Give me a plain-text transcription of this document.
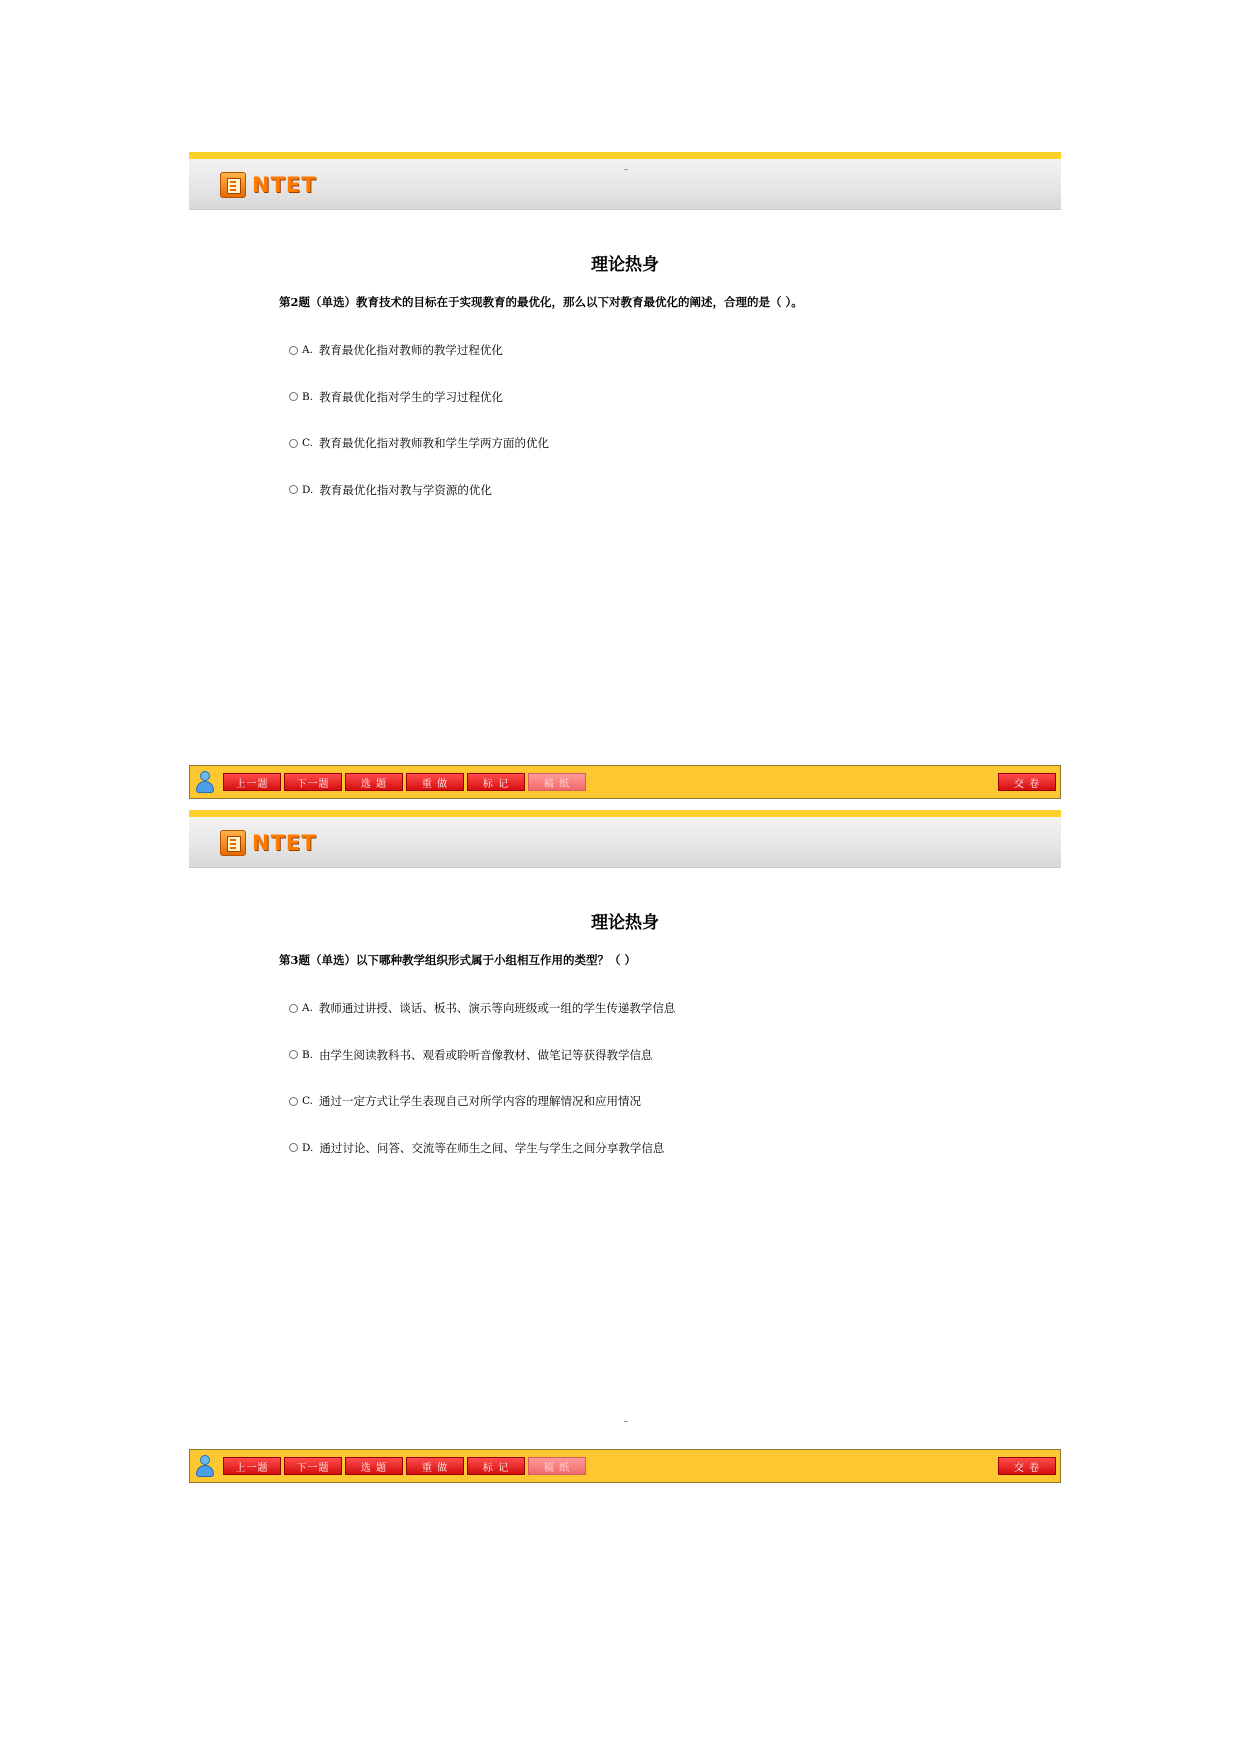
NTET
理论热身
第2题（单选）教育技术的目标在于实现教育的最优化，那么以下对教育最优化的阐述，合理的是（ ）。
A. 教育最优化指对教师的教学过程优化
B. 教育最优化指对学生的学习过程优化
C. 教育最优化指对教师教和学生学两方面的优化
D. 教育最优化指对教与学资源的优化
上一题	下一题	选 题	重 做	标 记	稿 纸	交 卷
NTET
理论热身
第3题（单选）以下哪种教学组织形式属于小组相互作用的类型？（ ）
A. 教师通过讲授、谈话、板书、演示等向班级或一组的学生传递教学信息
B. 由学生阅读教科书、观看或聆听音像教材、做笔记等获得教学信息
C. 通过一定方式让学生表现自己对所学内容的理解情况和应用情况
D. 通过讨论、问答、交流等在师生之间、学生与学生之间分享教学信息
上一题	下一题	选 题	重 做	标 记	稿 纸	交 卷
